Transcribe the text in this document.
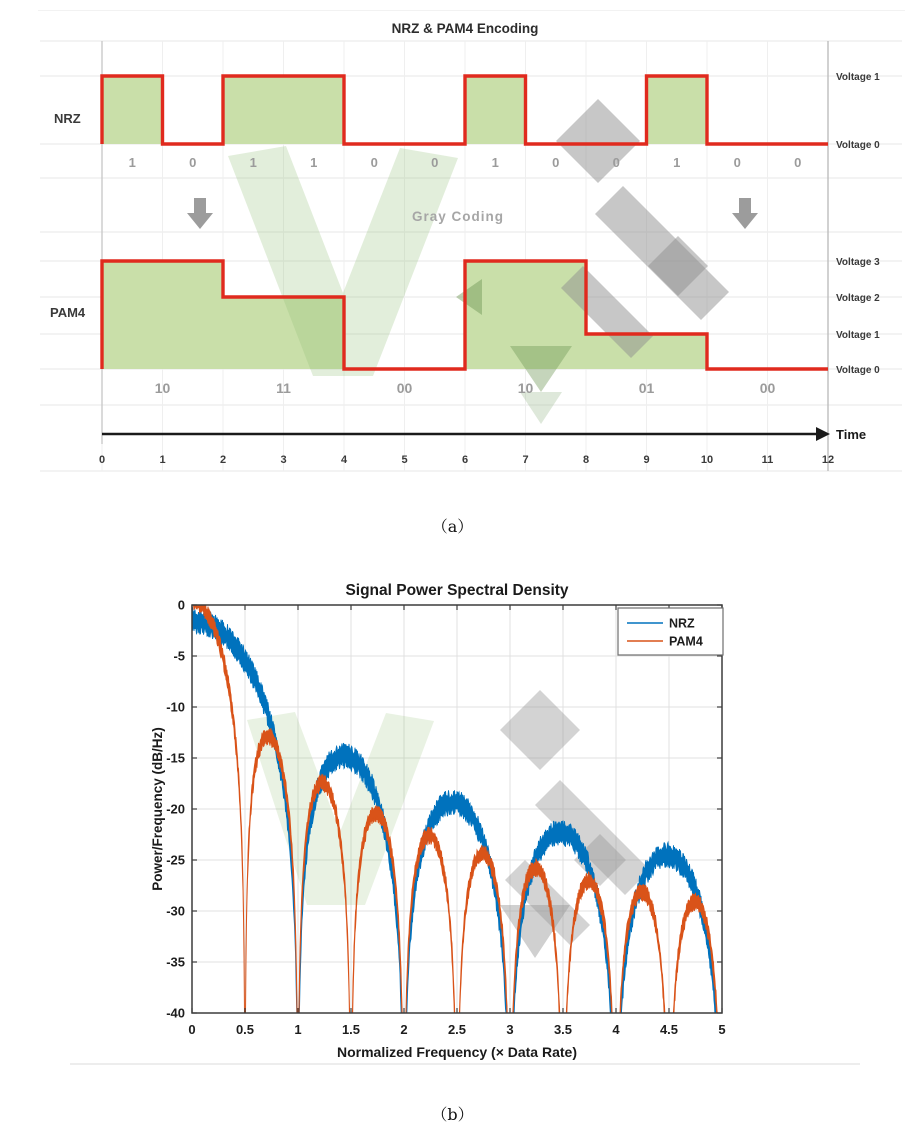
NRZ & PAM4 Encoding
NRZ
PAM4
Voltage 1
Voltage 0
Voltage 3
Voltage 2
Voltage 1
Voltage 0
1	0	1	1	0	0	1	0	0	1	0	0
10	11	00	10	01	00
Gray Coding
Time
0	1	2	3	4	5	6	7	8	9	10	11	12
（a）
NRZ
PAM4
Signal Power Spectral Density
Normalized Frequency (× Data Rate)
Power/Frequency (dB/Hz)
0	0.5	1	1.5	2	2.5	3	3.5	4	4.5	5
0
-5
-10
-15
-20
-25
-30
-35
-40
（b）
